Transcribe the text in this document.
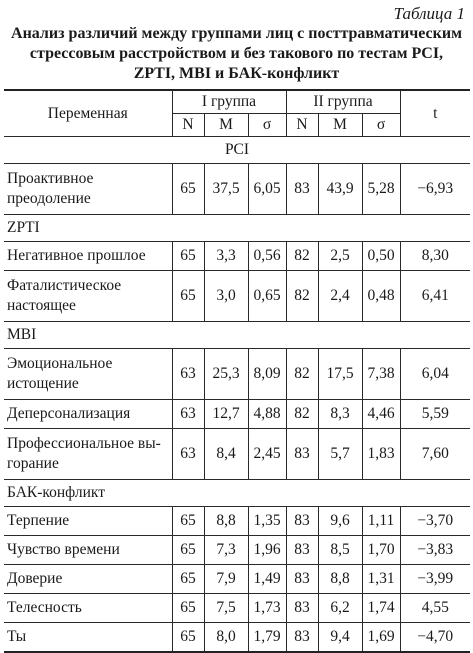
Таблица 1
Анализ различий между группами лиц с посттравматическим
стрессовым расстройством и без такового по тестам PCI,
ZPTI, MBI и БАК-конфликт
Переменная	I группа			II группа			t
	N	M	σ	N	M	σ	
PCI							

Проактивное
преодоление	65	37,5	6,05	83	43,9	5,28	−6,93
ZPTI							

Негативное прошлое	65	3,3	0,56	82	2,5	0,50	8,30

Фаталистическое
настоящее	65	3,0	0,65	82	2,4	0,48	6,41
MBI							

Эмоциональное
истощение	63	25,3	8,09	82	17,5	7,38	6,04

Деперсонализация	63	12,7	4,88	82	8,3	4,46	5,59

Профессиональное вы-
горание	63	8,4	2,45	83	5,7	1,83	7,60
БАК-конфликт							

Терпение	65	8,8	1,35	83	9,6	1,11	−3,70

Чувство времени	65	7,3	1,96	83	8,5	1,70	−3,83

Доверие	65	7,9	1,49	83	8,8	1,31	−3,99

Телесность	65	7,5	1,73	83	6,2	1,74	4,55

Ты	65	8,0	1,79	83	9,4	1,69	−4,70
